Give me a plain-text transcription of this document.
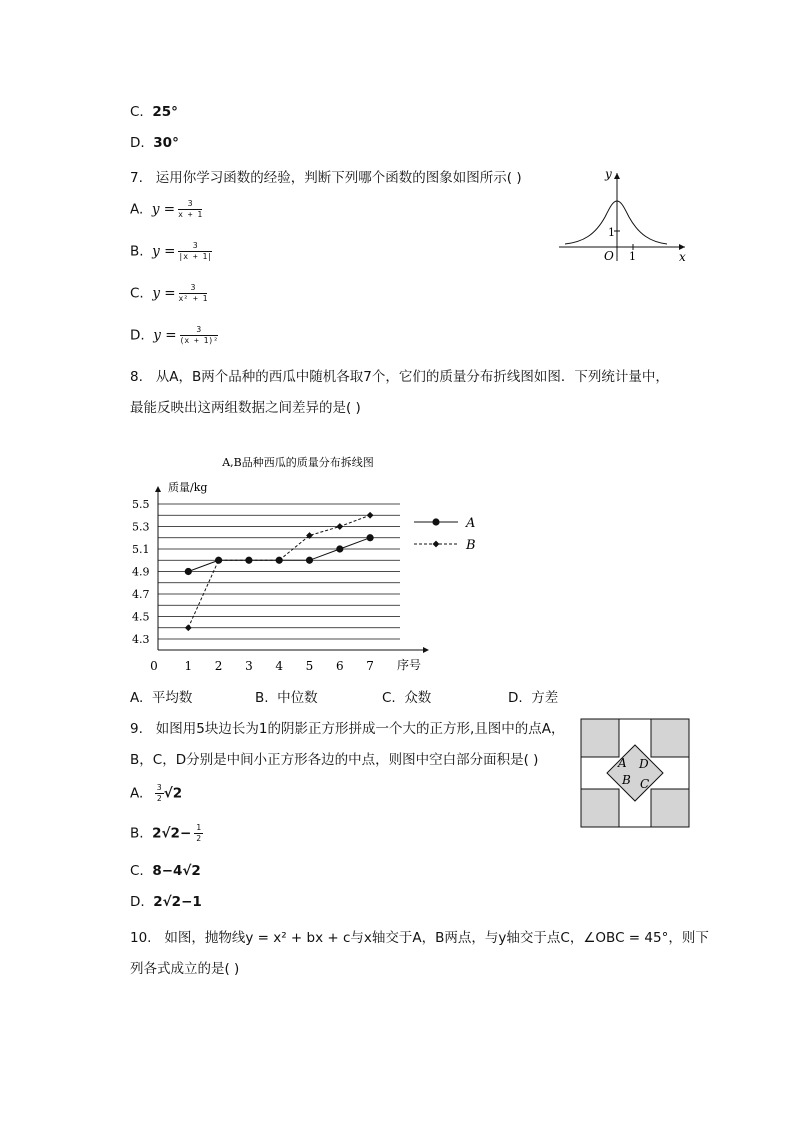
C. 25°
D. 30°
7. 运用你学习函数的经验，判断下列哪个函数的图象如图所示( )
A. $y = \frac{3}{x + 1}$
B. $y = \frac{3}{|x + 1|}$
C. $y = \frac{3}{\text{x² + 1}}$
D. $y = \frac{3}{\text{(x + 1)²}}$
y
x
O 1
1
8. 从A，B两个品种的西瓜中随机各取7个，它们的质量分布折线图如图．下列统计量中，
最能反映出这两组数据之间差异的是( )
A,B品种西瓜的质量分布拆线图
质量/kg
序号
5.5
5.3
5.1
4.9
4.7
4.5
4.3
0 1 2 3 4 5 6 7
A
B
A. 平均数	B. 中位数	C. 众数	D. 方差
9. 如图用5块边长为1的阴影正方形拼成一个大的正方形,且图中的点A，
B，C，D分别是中间小正方形各边的中点，则图中空白部分面积是( )
A. $\frac{3}{2} √2$
B. $2√2- \frac{1}{2}$
C. 8−4√2
D. 2√2−1
A D
B C
10. 如图，抛物线y = x² + bx + c与x轴交于A，B两点，与y轴交于点C，∠OBC = 45°，则下
列各式成立的是( )
